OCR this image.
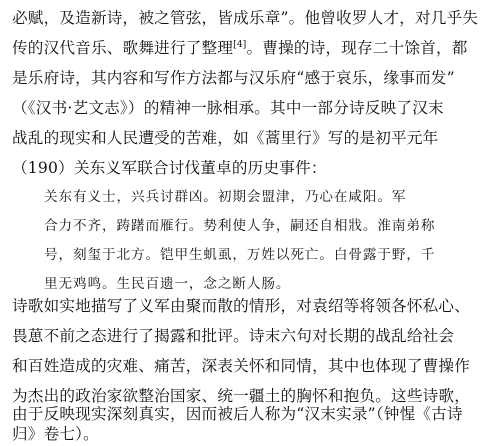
必赋，及造新诗，被之管弦，皆成乐章”。他曾收罗人才，对几乎失
传的汉代音乐、歌舞进行了整理[4]。曹操的诗，现存二十馀首，都
是乐府诗，其内容和写作方法都与汉乐府“感于哀乐，缘事而发”
（《汉书·艺文志》）的精神一脉相承。其中一部分诗反映了汉末
战乱的现实和人民遭受的苦难，如《蒿里行》写的是初平元年
（190）关东义军联合讨伐董卓的历史事件：
关东有义士，兴兵讨群凶。初期会盟津，乃心在咸阳。军
合力不齐，踌躇而雁行。势利使人争，嗣还自相戕。淮南弟称
号，刻玺于北方。铠甲生虮虱，万姓以死亡。白骨露于野，千
里无鸡鸣。生民百遗一，念之断人肠。
诗歌如实地描写了义军由聚而散的情形，对袁绍等将领各怀私心、
畏葸不前之态进行了揭露和批评。诗末六句对长期的战乱给社会
和百姓造成的灾难、痛苦，深表关怀和同情，其中也体现了曹操作
为杰出的政治家欲整治国家、统一疆土的胸怀和抱负。这些诗歌，
由于反映现实深刻真实，因而被后人称为“汉末实录”（钟惺《古诗
归》卷七）。
